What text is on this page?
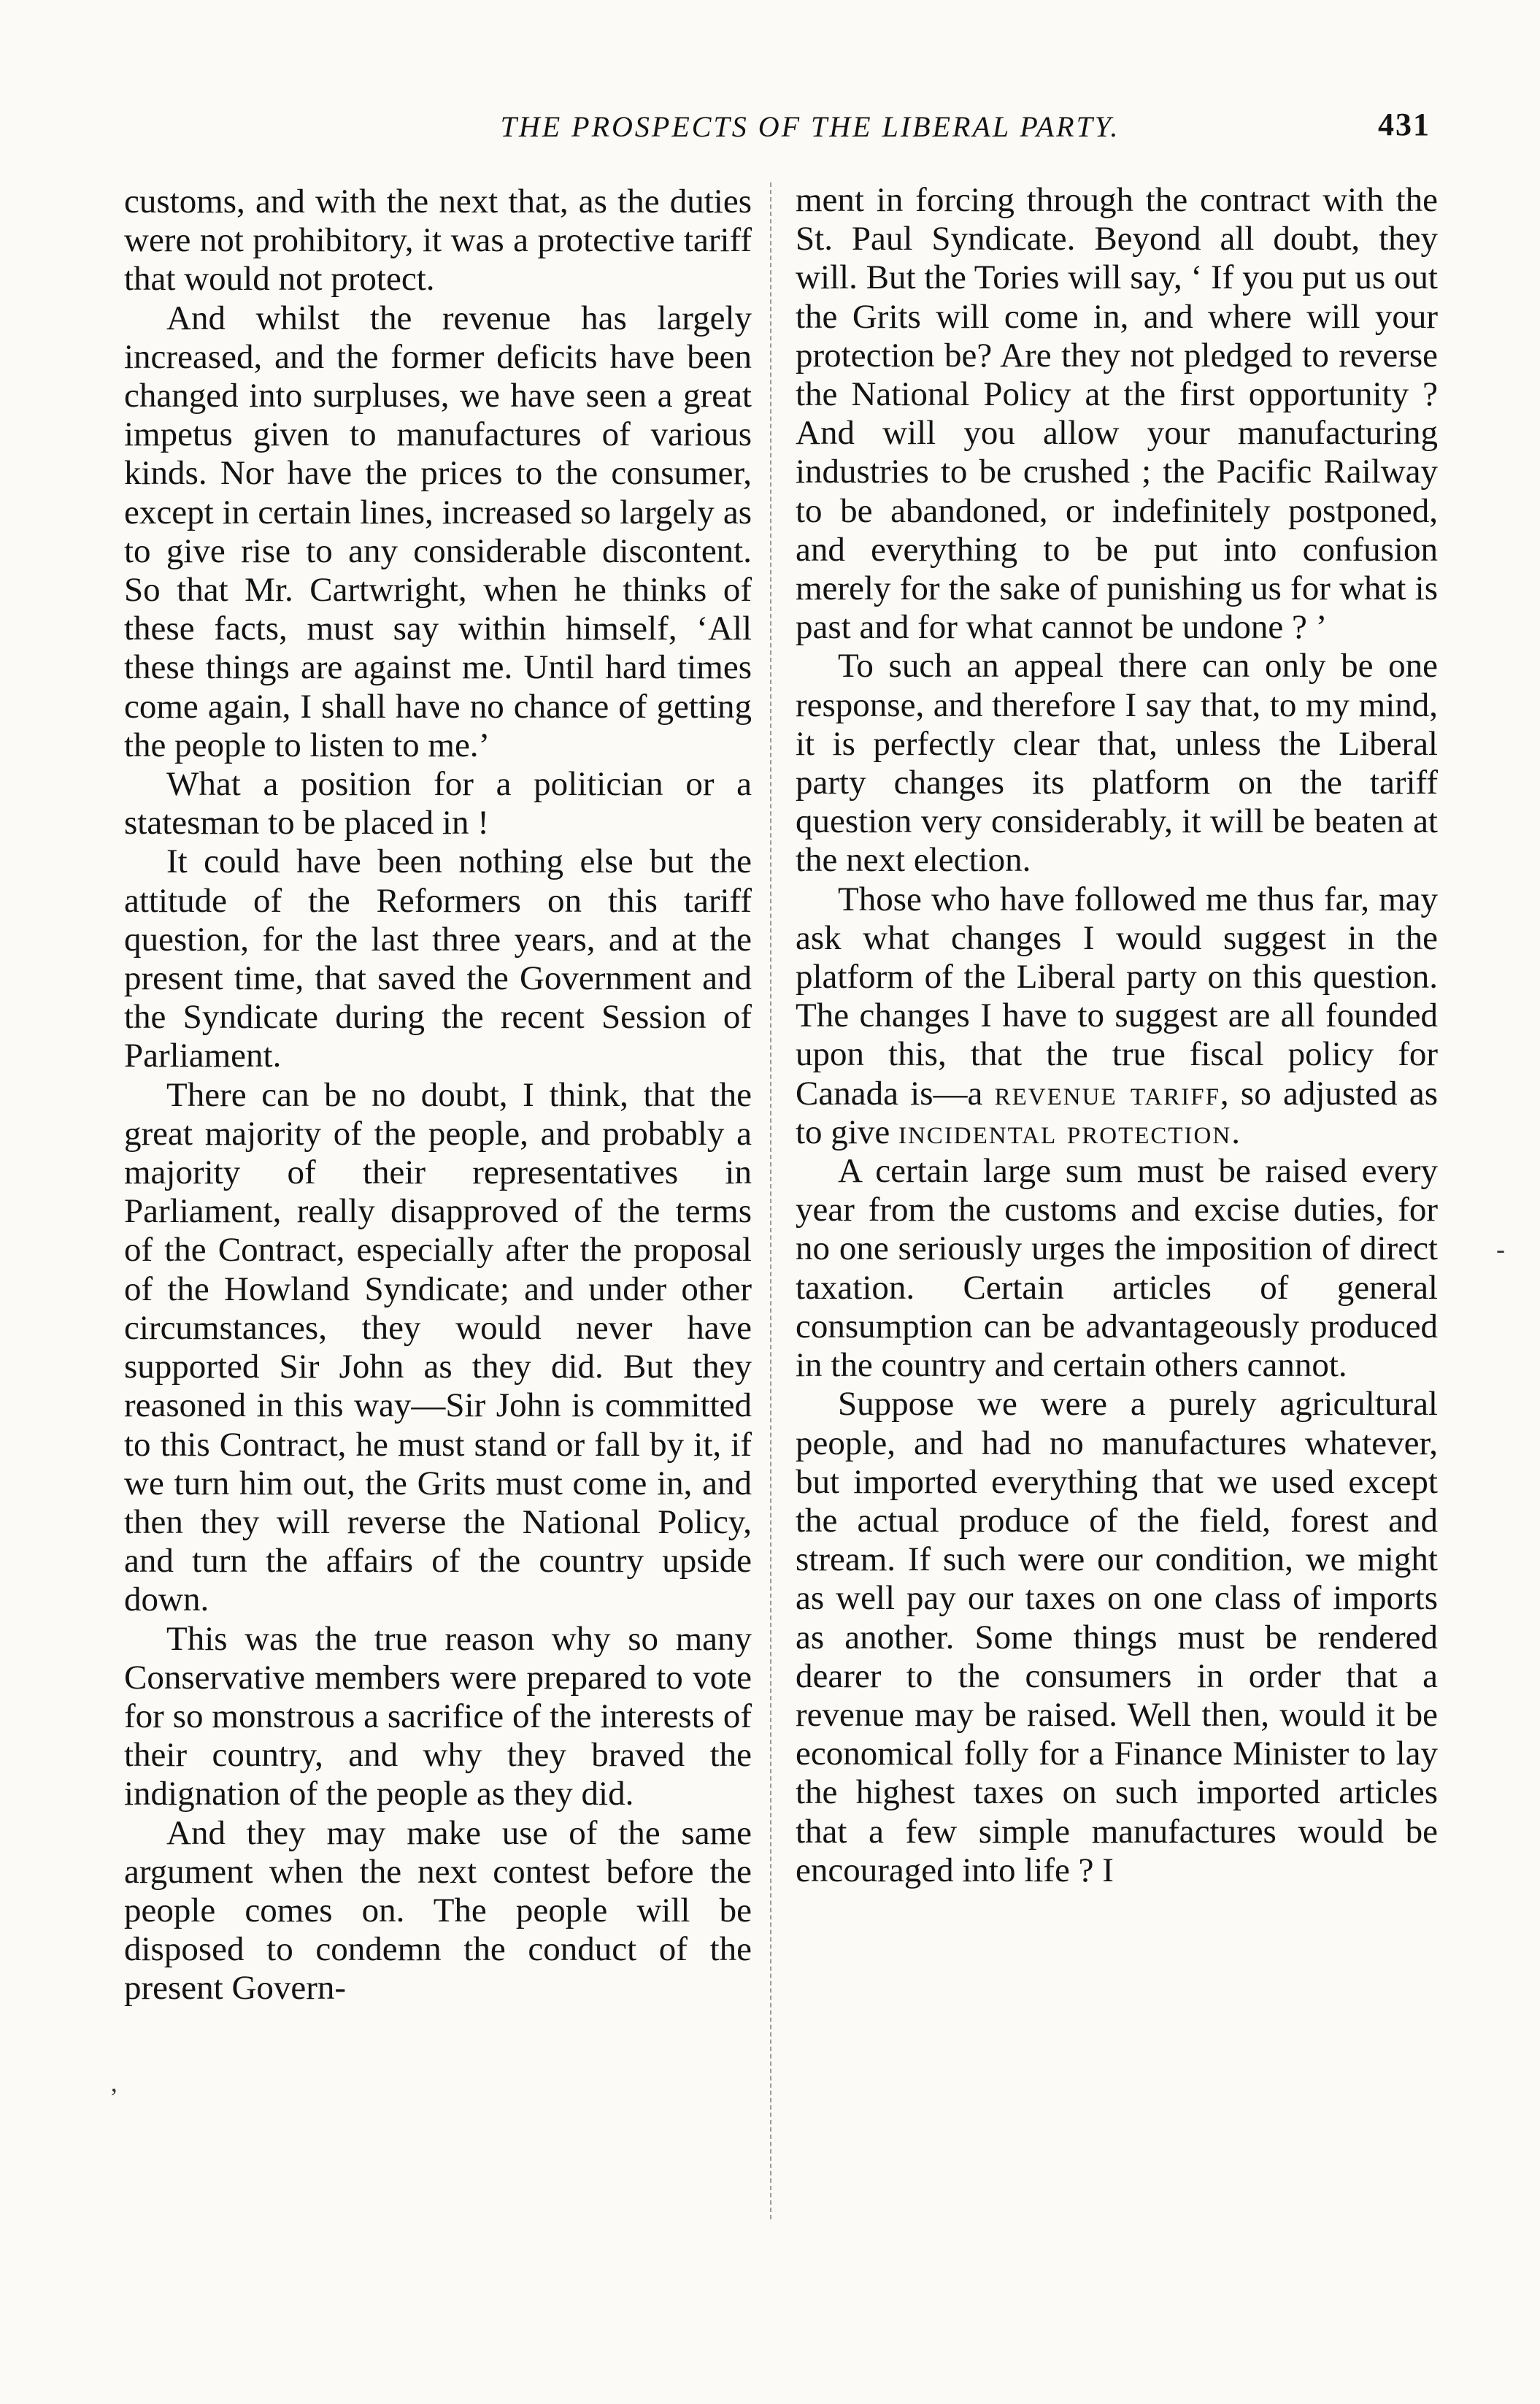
THE PROSPECTS OF THE LIBERAL PARTY.	431

customs, and with the next that, as the duties were not prohibitory, it was a protective tariff that would not protect.

And whilst the revenue has largely increased, and the former deficits have been changed into surpluses, we have seen a great impetus given to manufactures of various kinds. Nor have the prices to the consumer, except in certain lines, increased so largely as to give rise to any considerable discontent. So that Mr. Cartwright, when he thinks of these facts, must say within himself, ‘All these things are against me. Until hard times come again, I shall have no chance of getting the people to listen to me.’

What a position for a politician or a statesman to be placed in !

It could have been nothing else but the attitude of the Reformers on this tariff question, for the last three years, and at the present time, that saved the Government and the Syndicate during the recent Session of Parliament.

There can be no doubt, I think, that the great majority of the people, and probably a majority of their representatives in Parliament, really disapproved of the terms of the Contract, especially after the proposal of the Howland Syndicate; and under other circumstances, they would never have supported Sir John as they did. But they reasoned in this way—Sir John is committed to this Contract, he must stand or fall by it, if we turn him out, the Grits must come in, and then they will reverse the National Policy, and turn the affairs of the country upside down.

This was the true reason why so many Conservative members were prepared to vote for so monstrous a sacrifice of the interests of their country, and why they braved the indignation of the people as they did.

And they may make use of the same argument when the next contest before the people comes on. The people will be disposed to condemn the conduct of the present Govern-

ment in forcing through the contract with the St. Paul Syndicate. Beyond all doubt, they will. But the Tories will say, ‘ If you put us out the Grits will come in, and where will your protection be? Are they not pledged to reverse the National Policy at the first opportunity ? And will you allow your manufacturing industries to be crushed ; the Pacific Railway to be abandoned, or indefinitely postponed, and everything to be put into confusion merely for the sake of punishing us for what is past and for what cannot be undone ? ’

To such an appeal there can only be one response, and therefore I say that, to my mind, it is perfectly clear that, unless the Liberal party changes its platform on the tariff question very considerably, it will be beaten at the next election.

Those who have followed me thus far, may ask what changes I would suggest in the platform of the Liberal party on this question. The changes I have to suggest are all founded upon this, that the true fiscal policy for Canada is—a revenue tariff, so adjusted as to give incidental protection.

A certain large sum must be raised every year from the customs and excise duties, for no one seriously urges the imposition of direct taxation. Certain articles of general consumption can be advantageously produced in the country and certain others cannot.

Suppose we were a purely agricultural people, and had no manufactures whatever, but imported everything that we used except the actual produce of the field, forest and stream. If such were our condition, we might as well pay our taxes on one class of imports as another. Some things must be rendered dearer to the consumers in order that a revenue may be raised. Well then, would it be economical folly for a Finance Minister to lay the highest taxes on such imported articles that a few simple manufactures would be encouraged into life ? I

‑
ʼ
